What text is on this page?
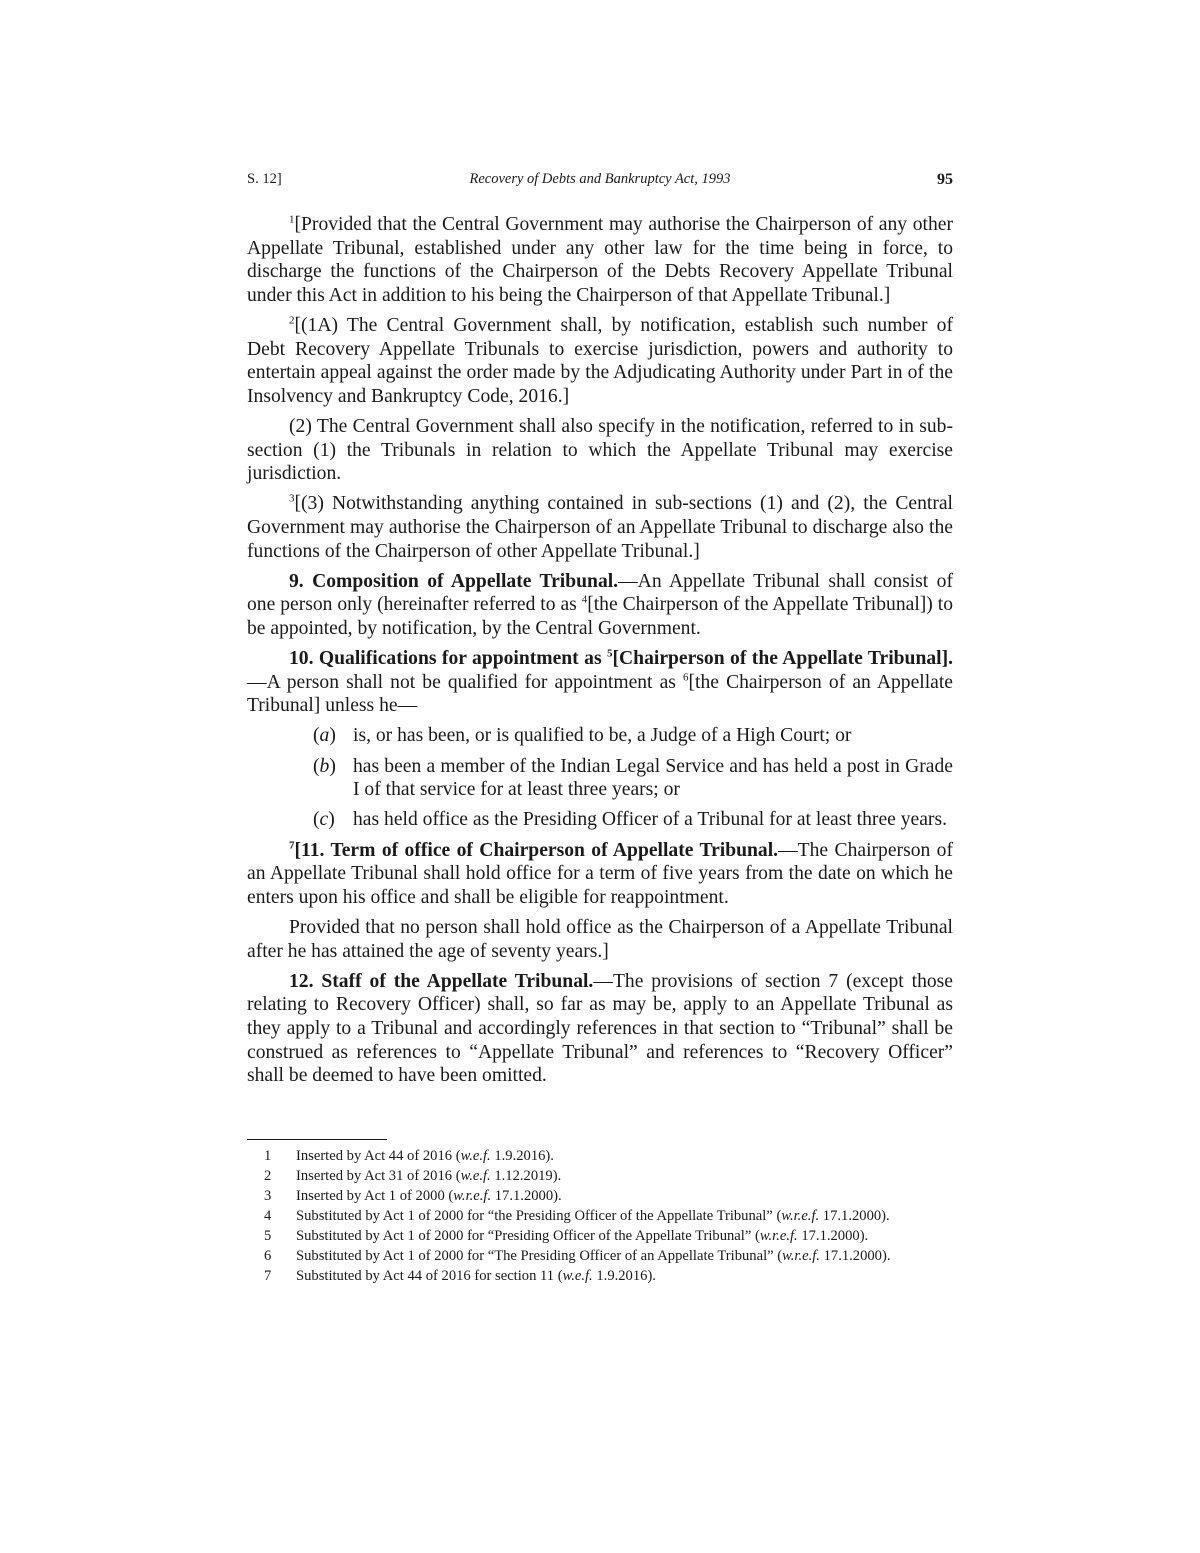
S. 12]	Recovery of Debts and Bankruptcy Act, 1993	95

$^1$[Provided that the Central Government may authorise the Chairperson of any other Appellate Tribunal, established under any other law for the time being in force, to discharge the functions of the Chairperson of the Debts Recovery Appellate Tribunal under this Act in addition to his being the Chairperson of that Appellate Tribunal.]

$^2$[(1A) The Central Government shall, by notification, establish such number of Debt Recovery Appellate Tribunals to exercise jurisdiction, powers and authority to entertain appeal against the order made by the Adjudicating Authority under Part in of the Insolvency and Bankruptcy Code, 2016.]

(2) The Central Government shall also specify in the notification, referred to in sub-section (1) the Tribunals in relation to which the Appellate Tribunal may exercise jurisdiction.

$^3$[(3) Notwithstanding anything contained in sub-sections (1) and (2), the Central Government may authorise the Chairperson of an Appellate Tribunal to discharge also the functions of the Chairperson of other Appellate Tribunal.]

9. Composition of Appellate Tribunal.—An Appellate Tribunal shall consist of one person only (hereinafter referred to as $^4$[the Chairperson of the Appellate Tribunal]) to be appointed, by notification, by the Central Government.

10. Qualifications for appointment as $^5$[Chairperson of the Appellate Tribunal].—A person shall not be qualified for appointment as $^6$[the Chairperson of an Appellate Tribunal] unless he—

(a) is, or has been, or is qualified to be, a Judge of a High Court; or
(b) has been a member of the Indian Legal Service and has held a post in Grade I of that service for at least three years; or
(c) has held office as the Presiding Officer of a Tribunal for at least three years.

$^7$[11. Term of office of Chairperson of Appellate Tribunal.—The Chairperson of an Appellate Tribunal shall hold office for a term of five years from the date on which he enters upon his office and shall be eligible for reappointment.

Provided that no person shall hold office as the Chairperson of a Appellate Tribunal after he has attained the age of seventy years.]

12. Staff of the Appellate Tribunal.—The provisions of section 7 (except those relating to Recovery Officer) shall, so far as may be, apply to an Appellate Tribunal as they apply to a Tribunal and accordingly references in that section to “Tribunal” shall be construed as references to “Appellate Tribunal” and references to “Recovery Officer” shall be deemed to have been omitted.

1	Inserted by Act 44 of 2016 (w.e.f. 1.9.2016).
2	Inserted by Act 31 of 2016 (w.e.f. 1.12.2019).
3	Inserted by Act 1 of 2000 (w.r.e.f. 17.1.2000).
4	Substituted by Act 1 of 2000 for “the Presiding Officer of the Appellate Tribunal” (w.r.e.f. 17.1.2000).
5	Substituted by Act 1 of 2000 for “Presiding Officer of the Appellate Tribunal” (w.r.e.f. 17.1.2000).
6	Substituted by Act 1 of 2000 for “The Presiding Officer of an Appellate Tribunal” (w.r.e.f. 17.1.2000).
7	Substituted by Act 44 of 2016 for section 11 (w.e.f. 1.9.2016).
